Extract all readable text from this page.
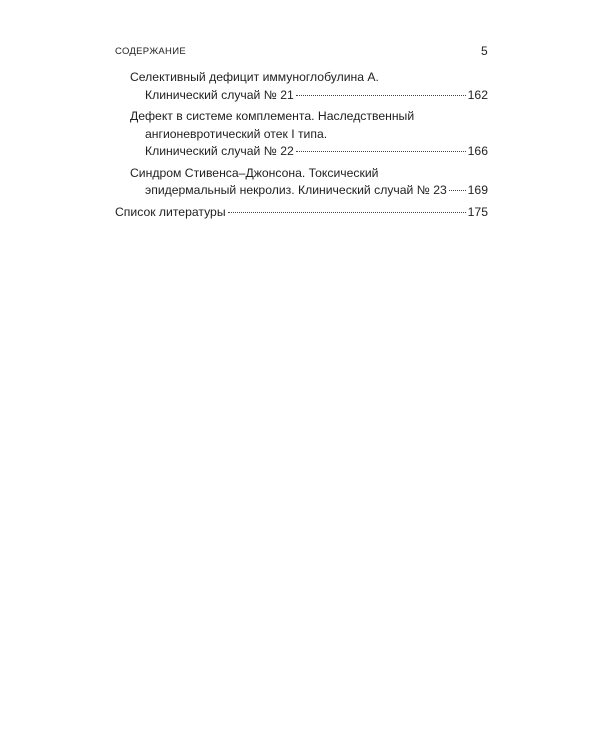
СОДЕРЖАНИЕ	5
Селективный дефицит иммуноглобулина А.
Клинический случай № 21	162
Дефект в системе комплемента. Наследственный
ангионевротический отек I типа.
Клинический случай № 22	166
Синдром Стивенса–Джонсона. Токсический
эпидермальный некролиз. Клинический случай № 23 169
Список литературы	175
